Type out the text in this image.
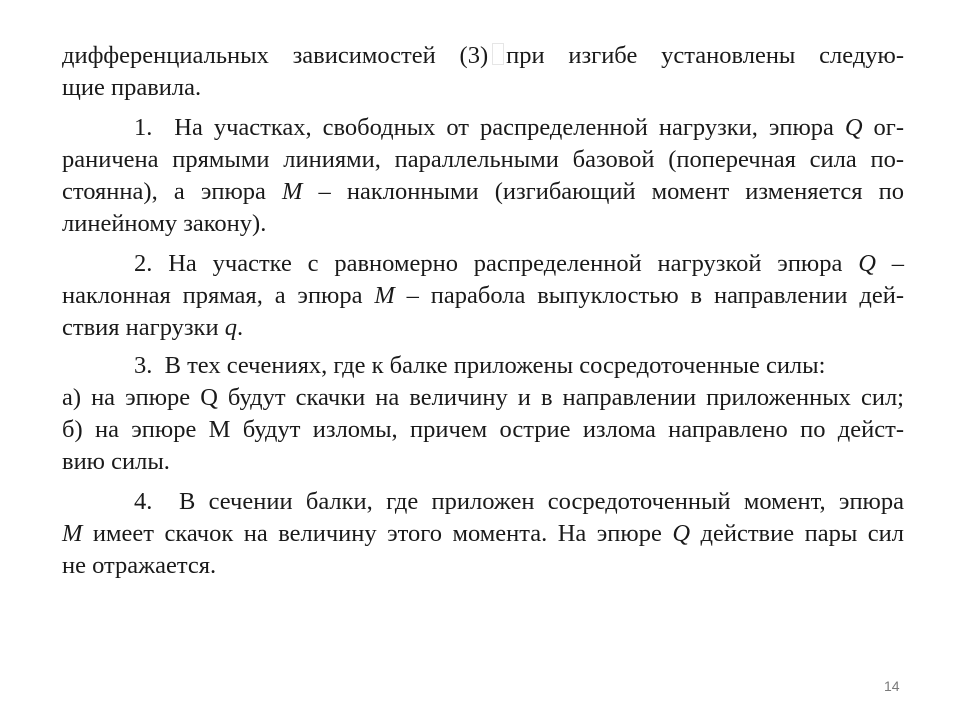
дифференциальных зависимостей (3) при изгибе установлены следую-
щие правила.
1.  На участках, свободных от распределенной нагрузки, эпюра Q ог-
раничена прямыми линиями, параллельными базовой (поперечная сила по-
стоянна), а эпюра M – наклонными (изгибающий момент изменяется по
линейному закону).
2. На участке с равномерно распределенной нагрузкой эпюра Q –
наклонная прямая, а эпюра M – парабола выпуклостью в направлении дей-
ствия нагрузки q.
3.  В тех сечениях, где к балке приложены сосредоточенные силы:
а) на эпюре Q будут скачки на величину и в направлении приложенных сил;
б) на эпюре М будут изломы, причем острие излома направлено по дейст-
вию силы.
4.  В сечении балки, где приложен сосредоточенный момент, эпюра
M имеет скачок на величину этого момента. На эпюре Q действие пары сил
не отражается.
14
